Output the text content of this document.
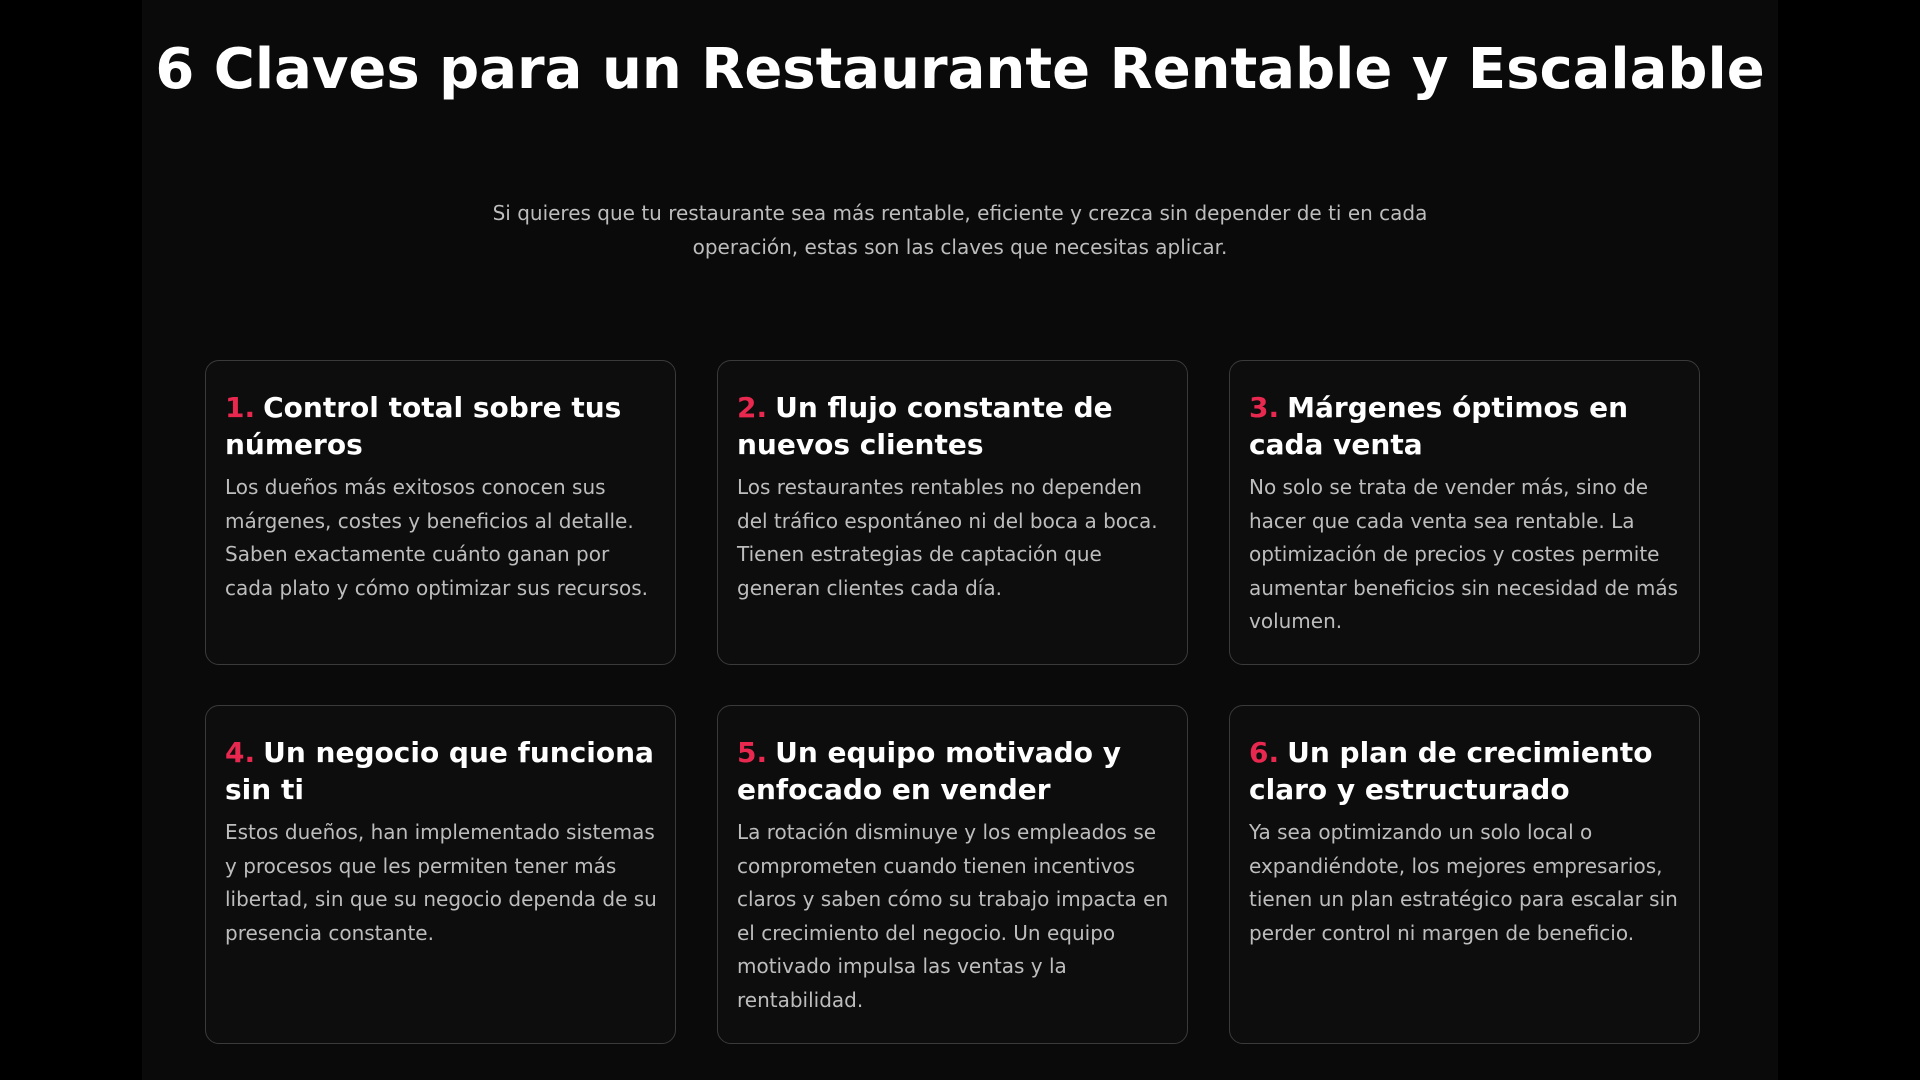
6 Claves para un Restaurante Rentable y Escalable

Si quieres que tu restaurante sea más rentable, eficiente y crezca sin depender de ti en cada operación, estas son las claves que necesitas aplicar.

1. Control total sobre tus números

Los dueños más exitosos conocen sus márgenes, costes y beneficios al detalle. Saben exactamente cuánto ganan por cada plato y cómo optimizar sus recursos.

2. Un flujo constante de nuevos clientes

Los restaurantes rentables no dependen del tráfico espontáneo ni del boca a boca. Tienen estrategias de captación que generan clientes cada día.

3. Márgenes óptimos en cada venta

No solo se trata de vender más, sino de hacer que cada venta sea rentable. La optimización de precios y costes permite aumentar beneficios sin necesidad de más volumen.

4. Un negocio que funciona sin ti

Estos dueños, han implementado sistemas y procesos que les permiten tener más libertad, sin que su negocio dependa de su presencia constante.

5. Un equipo motivado y enfocado en vender

La rotación disminuye y los empleados se comprometen cuando tienen incentivos claros y saben cómo su trabajo impacta en el crecimiento del negocio. Un equipo motivado impulsa las ventas y la rentabilidad.

6. Un plan de crecimiento claro y estructurado

Ya sea optimizando un solo local o expandiéndote, los mejores empresarios, tienen un plan estratégico para escalar sin perder control ni margen de beneficio.
